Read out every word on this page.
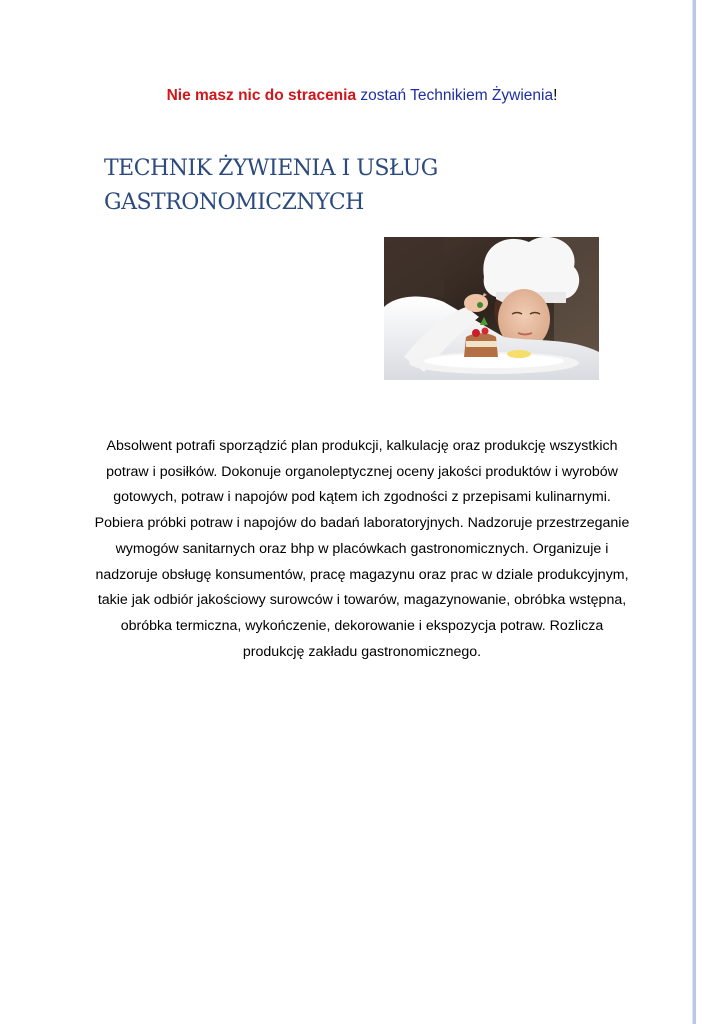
Nie masz nic do stracenia zostań Technikiem Żywienia!
TECHNIK ŻYWIENIA I USŁUG
GASTRONOMICZNYCH
Absolwent potrafi sporządzić plan produkcji, kalkulację oraz produkcję wszystkich
potraw i posiłków. Dokonuje organoleptycznej oceny jakości produktów i wyrobów
gotowych, potraw i napojów pod kątem ich zgodności z przepisami kulinarnymi.
Pobiera próbki potraw i napojów do badań laboratoryjnych. Nadzoruje przestrzeganie
wymogów sanitarnych oraz bhp w placówkach gastronomicznych. Organizuje i
nadzoruje obsługę konsumentów, pracę magazynu oraz prac w dziale produkcyjnym,
takie jak odbiór jakościowy surowców i towarów, magazynowanie, obróbka wstępna,
obróbka termiczna, wykończenie, dekorowanie i ekspozycja potraw. Rozlicza
produkcję zakładu gastronomicznego.
